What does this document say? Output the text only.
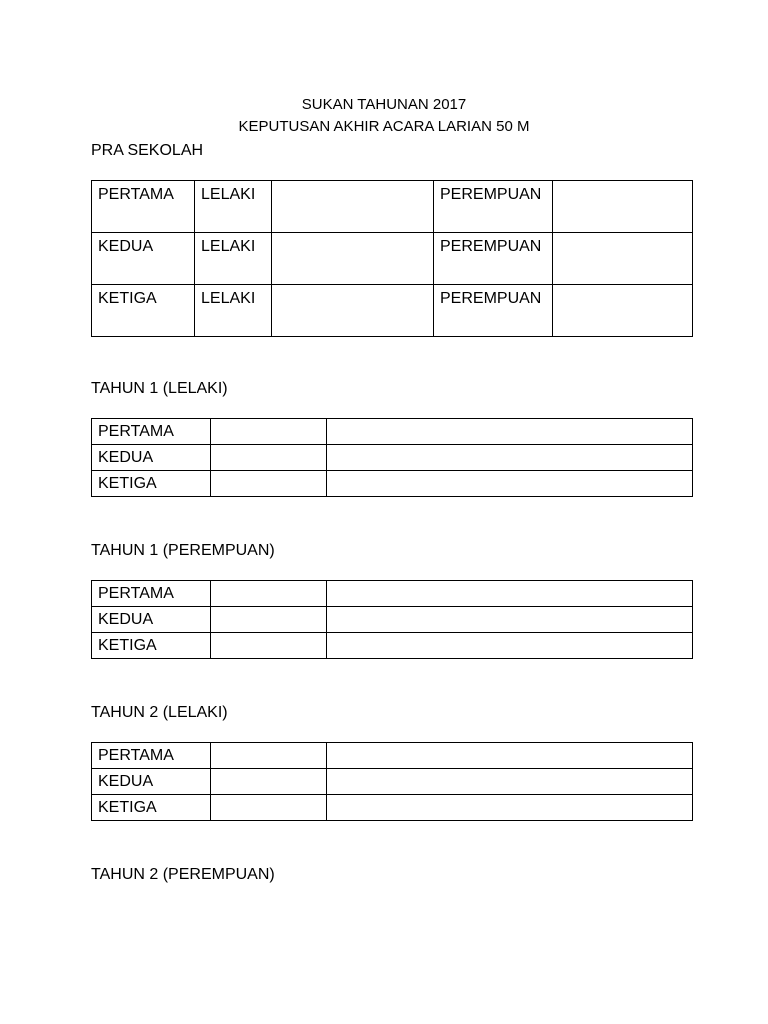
SUKAN TAHUNAN 2017
KEPUTUSAN AKHIR ACARA LARIAN 50 M
PRA SEKOLAH
PERTAMA	LELAKI		PEREMPUAN	
KEDUA	LELAKI		PEREMPUAN	
KETIGA	LELAKI		PEREMPUAN	
TAHUN 1 (LELAKI)
PERTAMA		
KEDUA		
KETIGA		
TAHUN 1 (PEREMPUAN)
PERTAMA		
KEDUA		
KETIGA		
TAHUN 2 (LELAKI)
PERTAMA		
KEDUA		
KETIGA		
TAHUN 2 (PEREMPUAN)
